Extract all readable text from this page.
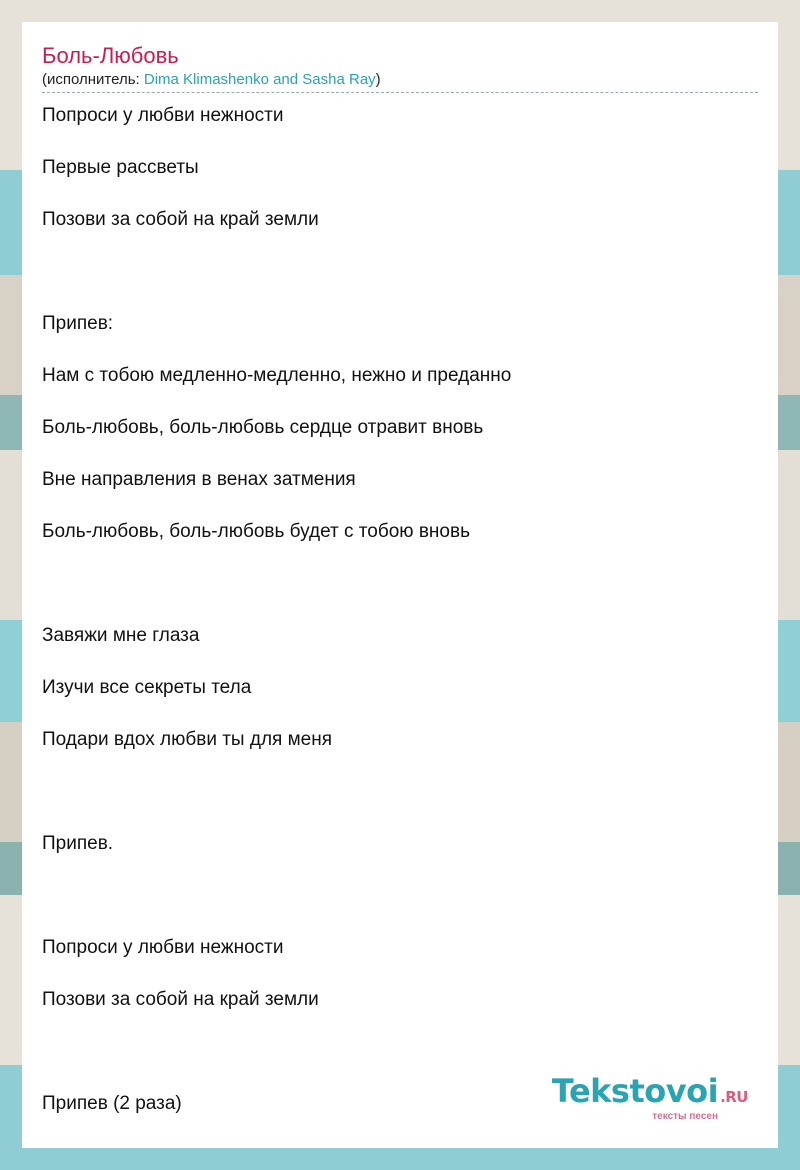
Боль-Любовь
(исполнитель: Dima Klimashenko and Sasha Ray)
Попроси у любви нежности
Первые рассветы
Позови за собой на край земли
Припев:
Нам с тобою медленно-медленно, нежно и преданно
Боль-любовь, боль-любовь сердце отравит вновь
Вне направления в венах затмения
Боль-любовь, боль-любовь будет с тобою вновь
Завяжи мне глаза
Изучи все секреты тела
Подари вдох любви ты для меня
Припев.
Попроси у любви нежности
Позови за собой на край земли
Припев (2 раза)	Tekstovoi .RU
тексты песен
